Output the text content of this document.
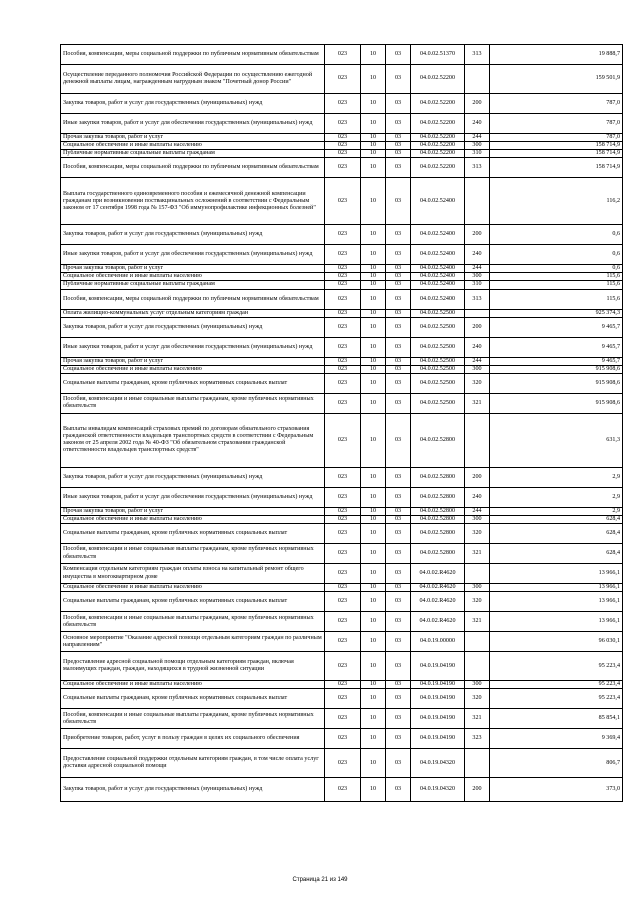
Пособия, компенсации, меры социальной поддержки по публичным нормативным обязательствам	023	10	03	04.0.02.51370	313	19 888,7
Осуществление переданного полномочия Российской Федерации по осуществлению ежегодной денежной выплаты лицам, награжденным нагрудным знаком "Почетный донор России"	023	10	03	04.0.02.52200		159 501,9
Закупка товаров, работ и услуг для государственных (муниципальных) нужд	023	10	03	04.0.02.52200	200	787,0
Иные закупки товаров, работ и услуг для обеспечения государственных (муниципальных) нужд	023	10	03	04.0.02.52200	240	787,0
Прочая закупка товаров, работ и услуг	023	10	03	04.0.02.52200	244	787,0
Социальное обеспечение и иные выплаты населению	023	10	03	04.0.02.52200	300	158 714,9
Публичные нормативные социальные выплаты гражданам	023	10	03	04.0.02.52200	310	158 714,9
Пособия, компенсации, меры социальной поддержки по публичным нормативным обязательствам	023	10	03	04.0.02.52200	313	158 714,9
Выплата государственного единовременного пособия и ежемесячной денежной компенсации гражданам при возникновении поствакцинальных осложнений в соответствии с Федеральным законом от 17 сентября 1998 года № 157-ФЗ "Об иммунопрофилактике инфекционных болезней"	023	10	03	04.0.02.52400		116,2
Закупка товаров, работ и услуг для государственных (муниципальных) нужд	023	10	03	04.0.02.52400	200	0,6
Иные закупки товаров, работ и услуг для обеспечения государственных (муниципальных) нужд	023	10	03	04.0.02.52400	240	0,6
Прочая закупка товаров, работ и услуг	023	10	03	04.0.02.52400	244	0,6
Социальное обеспечение и иные выплаты населению	023	10	03	04.0.02.52400	300	115,6
Публичные нормативные социальные выплаты гражданам	023	10	03	04.0.02.52400	310	115,6
Пособия, компенсации, меры социальной поддержки по публичным нормативным обязательствам	023	10	03	04.0.02.52400	313	115,6
Оплата жилищно-коммунальных услуг отдельным категориям граждан	023	10	03	04.0.02.52500		925 374,3
Закупка товаров, работ и услуг для государственных (муниципальных) нужд	023	10	03	04.0.02.52500	200	9 465,7
Иные закупки товаров, работ и услуг для обеспечения государственных (муниципальных) нужд	023	10	03	04.0.02.52500	240	9 465,7
Прочая закупка товаров, работ и услуг	023	10	03	04.0.02.52500	244	9 465,7
Социальное обеспечение и иные выплаты населению	023	10	03	04.0.02.52500	300	915 908,6
Социальные выплаты гражданам, кроме публичных нормативных социальных выплат	023	10	03	04.0.02.52500	320	915 908,6
Пособия, компенсации и иные социальные выплаты гражданам, кроме публичных нормативных обязательств	023	10	03	04.0.02.52500	321	915 908,6
Выплаты инвалидам компенсаций страховых премий по договорам обязательного страхования гражданской ответственности владельцев транспортных средств в соответствии с Федеральным законом от 25 апреля 2002 года № 40-ФЗ "Об обязательном страховании гражданской ответственности владельцев транспортных средств"	023	10	03	04.0.02.52800		631,3
Закупка товаров, работ и услуг для государственных (муниципальных) нужд	023	10	03	04.0.02.52800	200	2,9
Иные закупки товаров, работ и услуг для обеспечения государственных (муниципальных) нужд	023	10	03	04.0.02.52800	240	2,9
Прочая закупка товаров, работ и услуг	023	10	03	04.0.02.52800	244	2,9
Социальное обеспечение и иные выплаты населению	023	10	03	04.0.02.52800	300	628,4
Социальные выплаты гражданам, кроме публичных нормативных социальных выплат	023	10	03	04.0.02.52800	320	628,4
Пособия, компенсации и иные социальные выплаты гражданам, кроме публичных нормативных обязательств	023	10	03	04.0.02.52800	321	628,4
Компенсация отдельным категориям граждан оплаты взноса на капитальный ремонт общего имущества в многоквартирном доме	023	10	03	04.0.02.R4620		13 966,1
Социальное обеспечение и иные выплаты населению	023	10	03	04.0.02.R4620	300	13 966,1
Социальные выплаты гражданам, кроме публичных нормативных социальных выплат	023	10	03	04.0.02.R4620	320	13 966,1
Пособия, компенсации и иные социальные выплаты гражданам, кроме публичных нормативных обязательств	023	10	03	04.0.02.R4620	321	13 966,1
Основное мероприятие "Оказание адресной помощи отдельным категориям граждан по различным направлениям"	023	10	03	04.0.19.00000		96 030,1
Предоставление адресной социальной помощи отдельным категориям граждан, включая малоимущих граждан, граждан, находящихся в трудной жизненной ситуации	023	10	03	04.0.19.04190		95 223,4
Социальное обеспечение и иные выплаты населению	023	10	03	04.0.19.04190	300	95 223,4
Социальные выплаты гражданам, кроме публичных нормативных социальных выплат	023	10	03	04.0.19.04190	320	95 223,4
Пособия, компенсации и иные социальные выплаты гражданам, кроме публичных нормативных обязательств	023	10	03	04.0.19.04190	321	85 854,1
Приобретение товаров, работ, услуг в пользу граждан в целях их социального обеспечения	023	10	03	04.0.19.04190	323	9 369,4
Предоставление социальной поддержки отдельным категориям граждан, в том числе оплата услуг доставки адресной социальной помощи	023	10	03	04.0.19.04320		806,7
Закупка товаров, работ и услуг для государственных (муниципальных) нужд	023	10	03	04.0.19.04320	200	373,0
Страница 21 из 149
